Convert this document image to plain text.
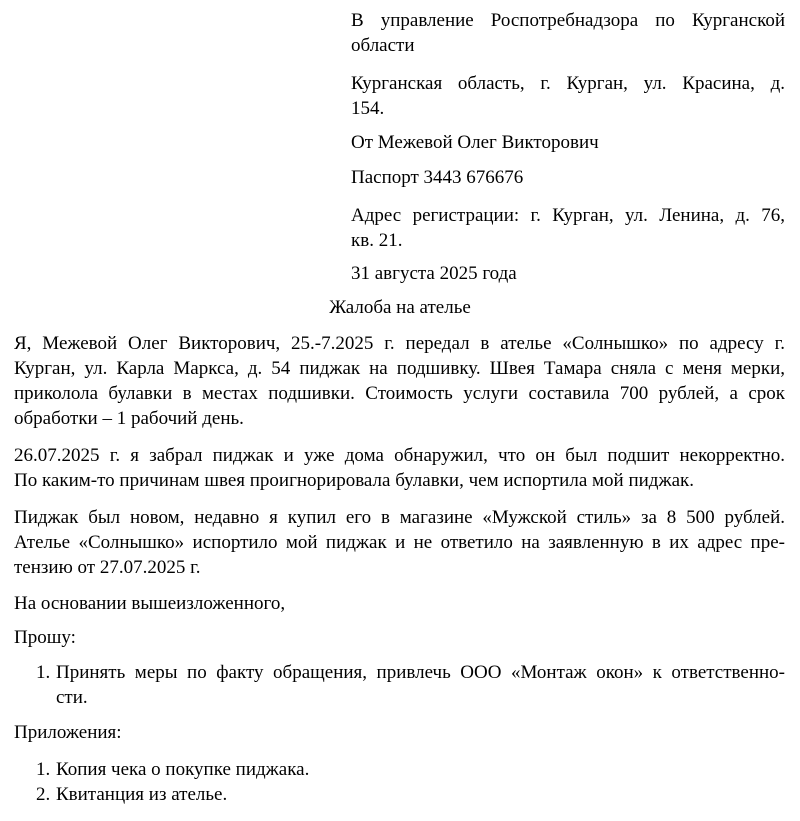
В управление Роспотребнадзора по Курганской
области
Курганская область, г. Курган, ул. Красина, д.
154.
От Межевой Олег Викторович
Паспорт 3443 676676
Адрес регистрации: г. Курган, ул. Ленина, д. 76,
кв. 21.
31 августа 2025 года
Жалоба на ателье
Я, Межевой Олег Викторович, 25.-7.2025 г. передал в ателье «Солнышко» по адресу г.
Курган, ул. Карла Маркса, д. 54 пиджак на подшивку. Швея Тамара сняла с меня мерки,
приколола булавки в местах подшивки. Стоимость услуги составила 700 рублей, а срок
обработки – 1 рабочий день.
26.07.2025 г. я забрал пиджак и уже дома обнаружил, что он был подшит некорректно.
По каким-то причинам швея проигнорировала булавки, чем испортила мой пиджак.
Пиджак был новом, недавно я купил его в магазине «Мужской стиль» за 8 500 рублей.
Ателье «Солнышко» испортило мой пиджак и не ответило на заявленную в их адрес пре-
тензию от 27.07.2025 г.
На основании вышеизложенного,
Прошу:
1. Принять меры по факту обращения, привлечь ООО «Монтаж окон» к ответственно-
сти.
Приложения:
1. Копия чека о покупке пиджака.
2. Квитанция из ателье.
